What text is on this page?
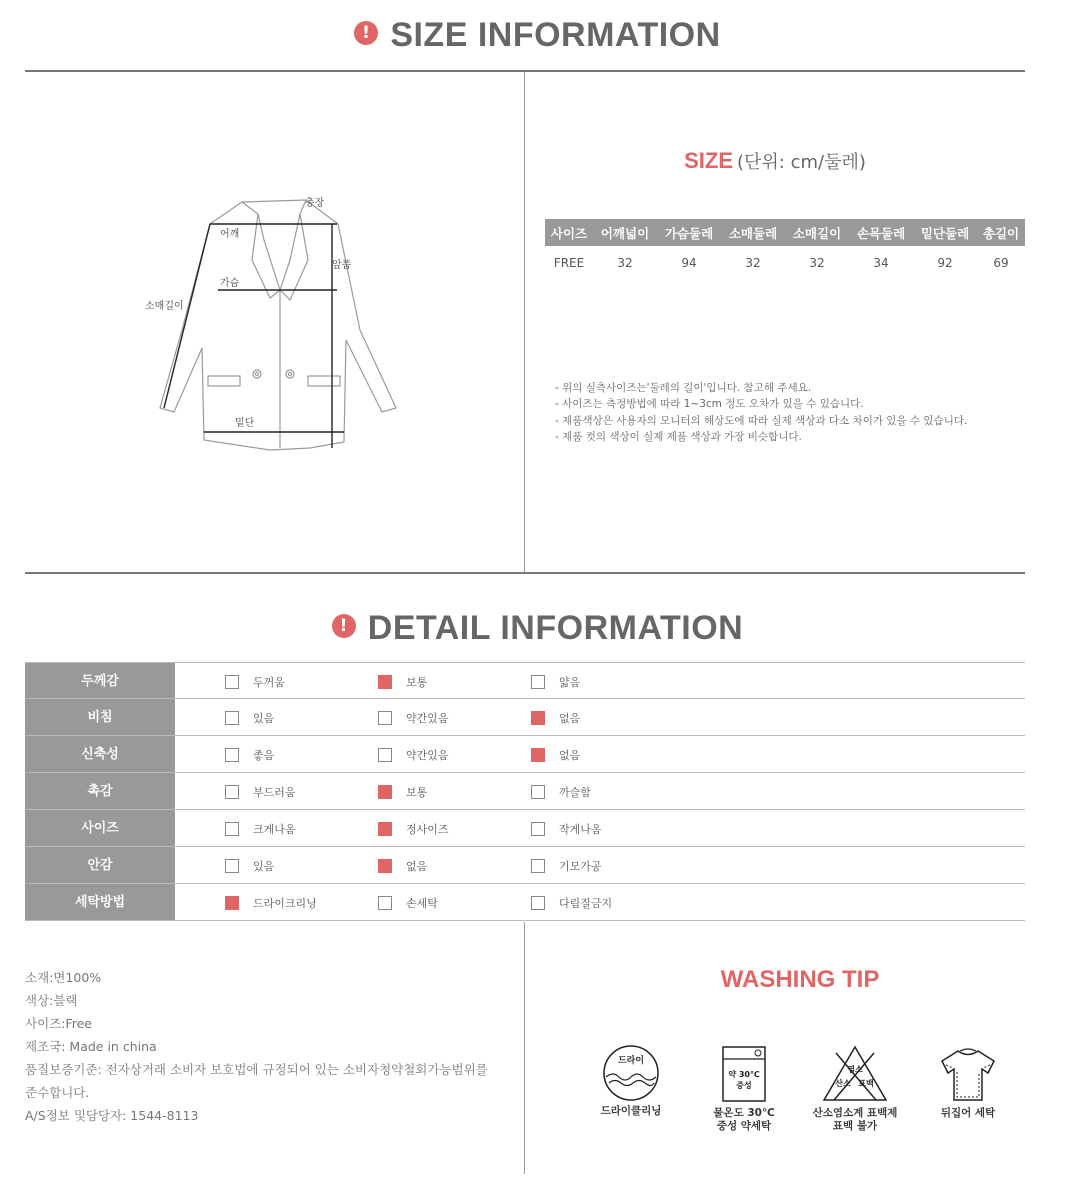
! SIZE INFORMATION
총장
어깨
앞품
가슴
소매길이
밑단
SIZE (단위: cm/둘레)
사이즈	어깨넓이	가슴둘레	소매둘레	소매길이	손목둘레	밑단둘레	총길이
FREE	32	94	32	32	34	92	69
- 위의 실측사이즈는'둘레의 길이'입니다. 참고해 주세요.
- 사이즈는 측정방법에 따라 1~3cm 정도 오차가 있을 수 있습니다.
- 제품색상은 사용자의 모니터의 해상도에 따라 실제 색상과 다소 차이가 있을 수 있습니다.
- 제품 컷의 색상이 실제 제품 색상과 가장 비슷합니다.
! DETAIL INFORMATION
두께감	두꺼움	보통	얇음
비침	있음	약간있음	없음
신축성	좋음	약간있음	없음
촉감	부드러움	보통	까슬함
사이즈	크게나옴	정사이즈	작게나옴
안감	있음	없음	기모가공
세탁방법	드라이크리닝	손세탁	다림질금지
소재:면100%
색상:블랙
사이즈:Free
제조국: Made in china
품질보증기준: 전자상거래 소비자 보호법에 규정되어 있는 소비자청약철회가능범위를
준수합니다.
A/S정보 및담당자: 1544-8113
WASHING TIP
드라이
드라이클리닝
약 30℃
중성
물온도 30℃
중성 약세탁
염소
산소 표백
산소염소계 표백제
표백 불가
뒤집어 세탁
